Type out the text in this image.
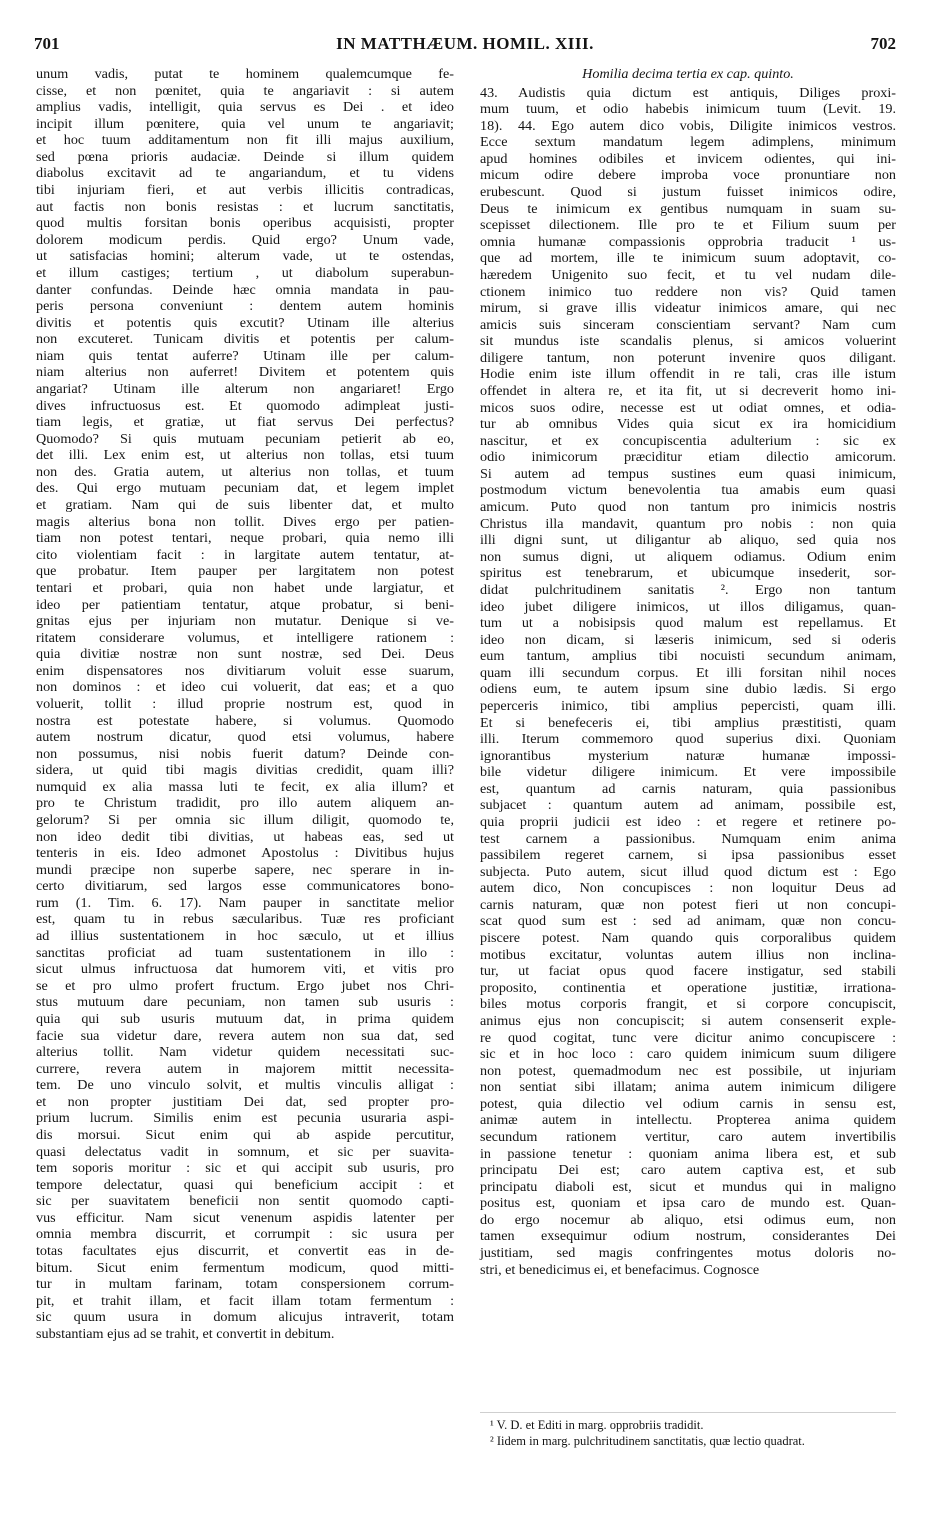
701	IN MATTHÆUM. HOMIL. XIII.	702
unum vadis, putat te hominem qualemcumque fe-
cisse, et non pœnitet, quia te angariavit : si autem
amplius vadis, intelligit, quia servus es Dei . et ideo
incipit illum pœnitere, quia vel unum te angariavit;
et hoc tuum additamentum non fit illi majus auxilium,
sed pœna prioris audaciæ. Deinde si illum quidem
diabolus excitavit ad te angariandum, et tu videns
tibi injuriam fieri, et aut verbis illicitis contradicas,
aut factis non bonis resistas : et lucrum sanctitatis,
quod multis forsitan bonis operibus acquisisti, propter
dolorem modicum perdis. Quid ergo? Unum vade,
ut satisfacias homini; alterum vade, ut te ostendas,
et illum castiges; tertium , ut diabolum superabun-
danter confundas. Deinde hæc omnia mandata in pau-
peris persona conveniunt : dentem autem hominis
divitis et potentis quis excutit? Utinam ille alterius
non excuteret. Tunicam divitis et potentis per calum-
niam quis tentat auferre? Utinam ille per calum-
niam alterius non auferret! Divitem et potentem quis
angariat? Utinam ille alterum non angariaret! Ergo
dives infructuosus est. Et quomodo adimpleat justi-
tiam legis, et gratiæ, ut fiat servus Dei perfectus?
Quomodo? Si quis mutuam pecuniam petierit ab eo,
det illi. Lex enim est, ut alterius non tollas, etsi tuum
non des. Gratia autem, ut alterius non tollas, et tuum
des. Qui ergo mutuam pecuniam dat, et legem implet
et gratiam. Nam qui de suis libenter dat, et multo
magis alterius bona non tollit. Dives ergo per patien-
tiam non potest tentari, neque probari, quia nemo illi
cito violentiam facit : in largitate autem tentatur, at-
que probatur. Item pauper per largitatem non potest
tentari et probari, quia non habet unde largiatur, et
ideo per patientiam tentatur, atque probatur, si beni-
gnitas ejus per injuriam non mutatur. Denique si ve-
ritatem considerare volumus, et intelligere rationem :
quia divitiæ nostræ non sunt nostræ, sed Dei. Deus
enim dispensatores nos divitiarum voluit esse suarum,
non dominos : et ideo cui voluerit, dat eas; et a quo
voluerit, tollit : illud proprie nostrum est, quod in
nostra est potestate habere, si volumus. Quomodo
autem nostrum dicatur, quod etsi volumus, habere
non possumus, nisi nobis fuerit datum? Deinde con-
sidera, ut quid tibi magis divitias credidit, quam illi?
numquid ex alia massa luti te fecit, ex alia illum? et
pro te Christum tradidit, pro illo autem aliquem an-
gelorum? Si per omnia sic illum diligit, quomodo te,
non ideo dedit tibi divitias, ut habeas eas, sed ut
tenteris in eis. Ideo admonet Apostolus : Divitibus hujus
mundi præcipe non superbe sapere, nec sperare in in-
certo divitiarum, sed largos esse communicatores bono-
rum (1. Tim. 6. 17). Nam pauper in sanctitate melior
est, quam tu in rebus sæcularibus. Tuæ res proficiant
ad illius sustentationem in hoc sæculo, ut et illius
sanctitas proficiat ad tuam sustentationem in illo :
sicut ulmus infructuosa dat humorem viti, et vitis pro
se et pro ulmo profert fructum. Ergo jubet nos Chri-
stus mutuum dare pecuniam, non tamen sub usuris :
quia qui sub usuris mutuum dat, in prima quidem
facie sua videtur dare, revera autem non sua dat, sed
alterius tollit. Nam videtur quidem necessitati suc-
currere, revera autem in majorem mittit necessita-
tem. De uno vinculo solvit, et multis vinculis alligat :
et non propter justitiam Dei dat, sed propter pro-
prium lucrum. Similis enim est pecunia usuraria aspi-
dis morsui. Sicut enim qui ab aspide percutitur,
quasi delectatus vadit in somnum, et sic per suavita-
tem soporis moritur : sic et qui accipit sub usuris, pro
tempore delectatur, quasi qui beneficium accipit : et
sic per suavitatem beneficii non sentit quomodo capti-
vus efficitur. Nam sicut venenum aspidis latenter per
omnia membra discurrit, et corrumpit : sic usura per
totas facultates ejus discurrit, et convertit eas in de-
bitum. Sicut enim fermentum modicum, quod mitti-
tur in multam farinam, totam conspersionem corrum-
pit, et trahit illam, et facit illam totam fermentum :
sic quum usura in domum alicujus intraverit, totam
substantiam ejus ad se trahit, et convertit in debitum.
Homilia decima tertia ex cap. quinto.
43. Audistis quia dictum est antiquis, Diliges proxi-
mum tuum, et odio habebis inimicum tuum (Levit. 19.
18). 44. Ego autem dico vobis, Diligite inimicos vestros.
Ecce sextum mandatum legem adimplens, minimum
apud homines odibiles et invicem odientes, qui ini-
micum odire debere improba voce pronuntiare non
erubescunt. Quod si justum fuisset inimicos odire,
Deus te inimicum ex gentibus numquam in suam su-
scepisset dilectionem. Ille pro te et Filium suum per
omnia humanæ compassionis opprobria traducit ¹ us-
que ad mortem, ille te inimicum suum adoptavit, co-
hæredem Unigenito suo fecit, et tu vel nudam dile-
ctionem inimico tuo reddere non vis? Quid tamen
mirum, si grave illis videatur inimicos amare, qui nec
amicis suis sinceram conscientiam servant? Nam cum
sit mundus iste scandalis plenus, si amicos voluerint
diligere tantum, non poterunt invenire quos diligant.
Hodie enim iste illum offendit in re tali, cras ille istum
offendet in altera re, et ita fit, ut si decreverit homo ini-
micos suos odire, necesse est ut odiat omnes, et odia-
tur ab omnibus Vides quia sicut ex ira homicidium
nascitur, et ex concupiscentia adulterium : sic ex
odio inimicorum præciditur etiam dilectio amicorum.
Si autem ad tempus sustines eum quasi inimicum,
postmodum victum benevolentia tua amabis eum quasi
amicum. Puto quod non tantum pro inimicis nostris
Christus illa mandavit, quantum pro nobis : non quia
illi digni sunt, ut diligantur ab aliquo, sed quia nos
non sumus digni, ut aliquem odiamus. Odium enim
spiritus est tenebrarum, et ubicumque insederit, sor-
didat pulchritudinem sanitatis ². Ergo non tantum
ideo jubet diligere inimicos, ut illos diligamus, quan-
tum ut a nobisipsis quod malum est repellamus. Et
ideo non dicam, si læseris inimicum, sed si oderis
eum tantum, amplius tibi nocuisti secundum animam,
quam illi secundum corpus. Et illi forsitan nihil noces
odiens eum, te autem ipsum sine dubio lædis. Si ergo
peperceris inimico, tibi amplius pepercisti, quam illi.
Et si benefeceris ei, tibi amplius præstitisti, quam
illi. Iterum commemoro quod superius dixi. Quoniam
ignorantibus mysterium naturæ humanæ impossi-
bile videtur diligere inimicum. Et vere impossibile
est, quantum ad carnis naturam, quia passionibus
subjacet : quantum autem ad animam, possibile est,
quia proprii judicii est ideo : et regere et retinere po-
test carnem a passionibus. Numquam enim anima
passibilem regeret carnem, si ipsa passionibus esset
subjecta. Puto autem, sicut illud quod dictum est : Ego
autem dico, Non concupisces : non loquitur Deus ad
carnis naturam, quæ non potest fieri ut non concupi-
scat quod sum est : sed ad animam, quæ non concu-
piscere potest. Nam quando quis corporalibus quidem
motibus excitatur, voluntas autem illius non inclina-
tur, ut faciat opus quod facere instigatur, sed stabili
proposito, continentia et operatione justitiæ, irrationa-
biles motus corporis frangit, et si corpore concupiscit,
animus ejus non concupiscit; si autem consenserit exple-
re quod cogitat, tunc vere dicitur animo concupiscere :
sic et in hoc loco : caro quidem inimicum suum diligere
non potest, quemadmodum nec est possibile, ut injuriam
non sentiat sibi illatam; anima autem inimicum diligere
potest, quia dilectio vel odium carnis in sensu est,
animæ autem in intellectu. Propterea anima quidem
secundum rationem vertitur, caro autem invertibilis
in passione tenetur : quoniam anima libera est, et sub
principatu Dei est; caro autem captiva est, et sub
principatu diaboli est, sicut et mundus qui in maligno
positus est, quoniam et ipsa caro de mundo est. Quan-
do ergo nocemur ab aliquo, etsi odimus eum, non
tamen exsequimur odium nostrum, considerantes Dei
justitiam, sed magis confringentes motus doloris no-
stri, et benedicimus ei, et benefacimus. Cognosce

¹ V. D. et Editi in marg. opprobriis tradidit.

² Iidem in marg. pulchritudinem sanctitatis, quæ lectio quadrat.
